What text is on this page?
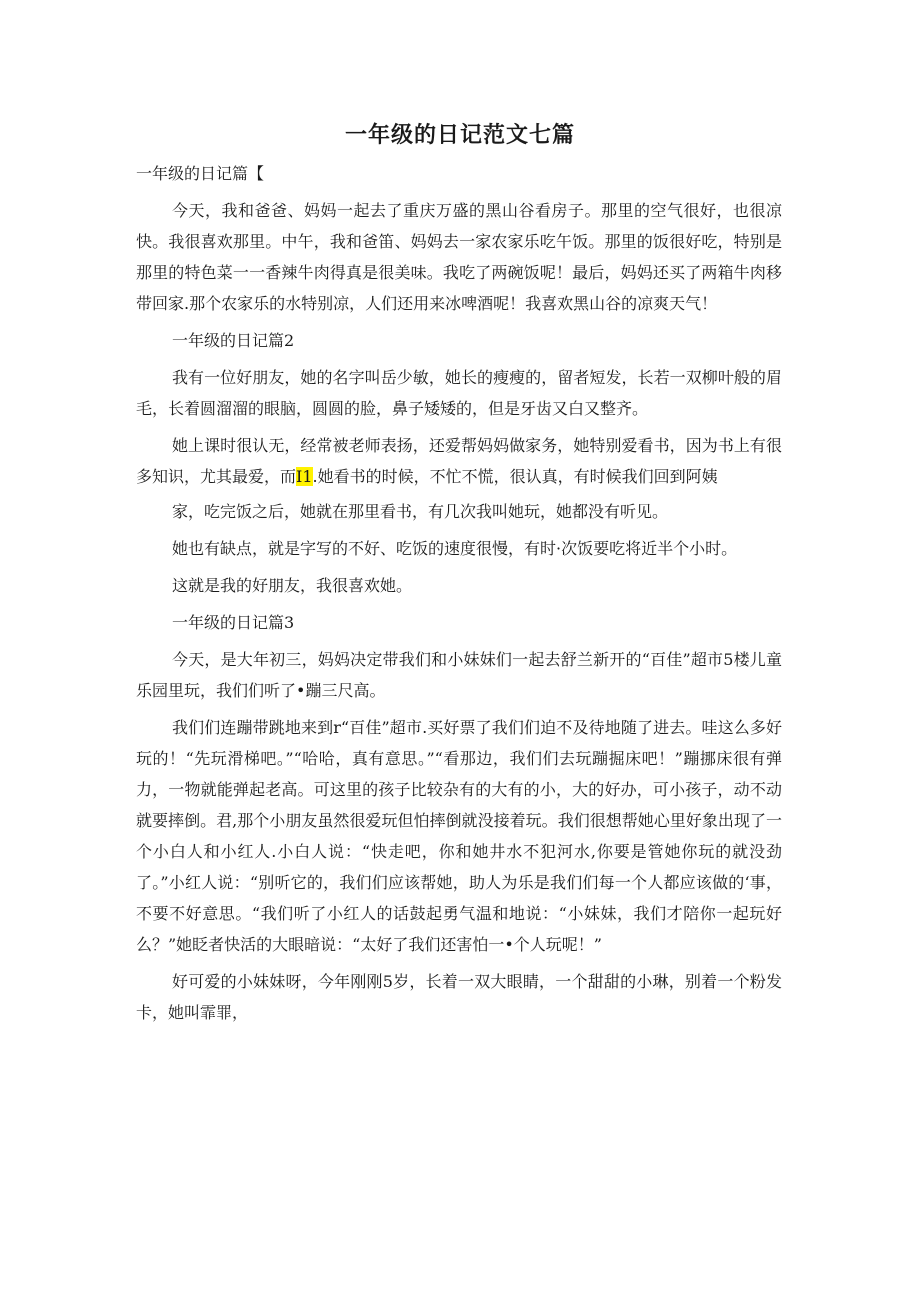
一年级的日记范文七篇

一年级的日记篇【

今天，我和爸爸、妈妈一起去了重庆万盛的黑山谷看房子。那里的空气很好，也很凉快。我很喜欢那里。中午，我和爸笛、妈妈去一家农家乐吃午饭。那里的饭很好吃，特别是那里的特色菜一一香辣牛肉得真是很美味。我吃了两碗饭呢！最后，妈妈还买了两箱牛肉移带回家.那个农家乐的水特别凉，人们还用来冰啤酒呢！我喜欢黑山谷的凉爽天气！

一年级的日记篇2

我有一位好朋友，她的名字叫岳少敏，她长的瘦瘦的，留者短发，长若一双柳叶般的眉毛，长着圆溜溜的眼脑，圆圆的脸，鼻子矮矮的，但是牙齿又白又整齐。

她上课时很认无，经常被老师表扬，还爱帮妈妈做家务，她特别爱看书，因为书上有很多知识，尤其最爱，而I1.她看书的时候，不忙不慌，很认真，有时候我们回到阿姨

家，吃完饭之后，她就在那里看书，有几次我叫她玩，她都没有听见。

她也有缺点，就是字写的不好、吃饭的速度很慢，有时·次饭要吃将近半个小时。

这就是我的好朋友，我很喜欢她。

一年级的日记篇3

今天，是大年初三，妈妈决定带我们和小妹妹们一起去舒兰新开的“百佳”超市5楼儿童乐园里玩，我们们听了•蹦三尺高。

我们们连蹦带跳地来到r“百佳”超市.买好票了我们们迫不及待地随了进去。哇这么多好玩的！“先玩滑梯吧。”“哈哈，真有意思。”“看那边，我们们去玩蹦掘床吧！”蹦挪床很有弹力，一物就能弹起老高。可这里的孩子比较杂有的大有的小，大的好办，可小孩子，动不动就要摔倒。君,那个小朋友虽然很爱玩但怕摔倒就没接着玩。我们很想帮她心里好象出现了一个小白人和小红人.小白人说：“快走吧，你和她井水不犯河水,你要是管她你玩的就没劲了。”小红人说：“别听它的，我们们应该帮她，助人为乐是我们们每一个人都应该做的‘事，不要不好意思。“我们听了小红人的话鼓起勇气温和地说：“小妹妹，我们才陪你一起玩好么？”她眨者快活的大眼暗说：“太好了我们还害怕一•个人玩呢！”

好可爱的小妹妹呀，今年刚刚5岁，长着一双大眼睛，一个甜甜的小琳，别着一个粉发卡，她叫霏罪，
